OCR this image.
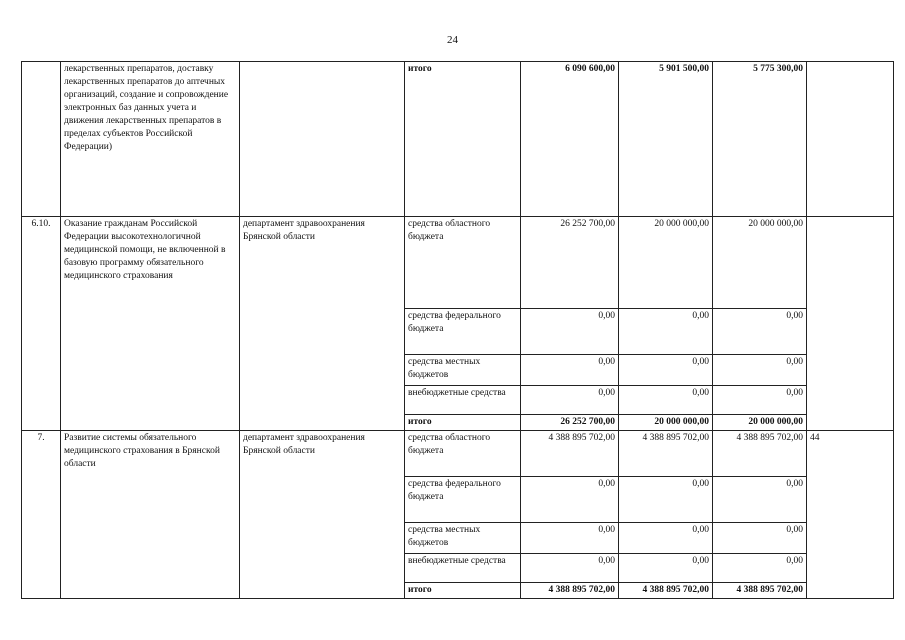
24
	лекарственных препаратов, доставку лекарственных препаратов до аптечных организаций, создание и сопровождение электронных баз данных учета и движения лекарственных препаратов в пределах субъектов Российской Федерации)		итого	6 090 600,00	5 901 500,00	5 775 300,00	
6.10.	Оказание гражданам Российской Федерации высокотехнологичной медицинской помощи, не включенной в базовую программу обязательного медицинского страхования	департамент здравоохранения Брянской области	средства областного бюджета	26 252 700,00	20 000 000,00	20 000 000,00	
			средства федерального бюджета	0,00	0,00	0,00	
			средства местных бюджетов	0,00	0,00	0,00	
			внебюджетные средства	0,00	0,00	0,00	
			итого	26 252 700,00	20 000 000,00	20 000 000,00	
7.	Развитие системы обязательного медицинского страхования в Брянской области	департамент здравоохранения Брянской области	средства областного бюджета	4 388 895 702,00	4 388 895 702,00	4 388 895 702,00	44
			средства федерального бюджета	0,00	0,00	0,00	
			средства местных бюджетов	0,00	0,00	0,00	
			внебюджетные средства	0,00	0,00	0,00	
			итого	4 388 895 702,00	4 388 895 702,00	4 388 895 702,00	
